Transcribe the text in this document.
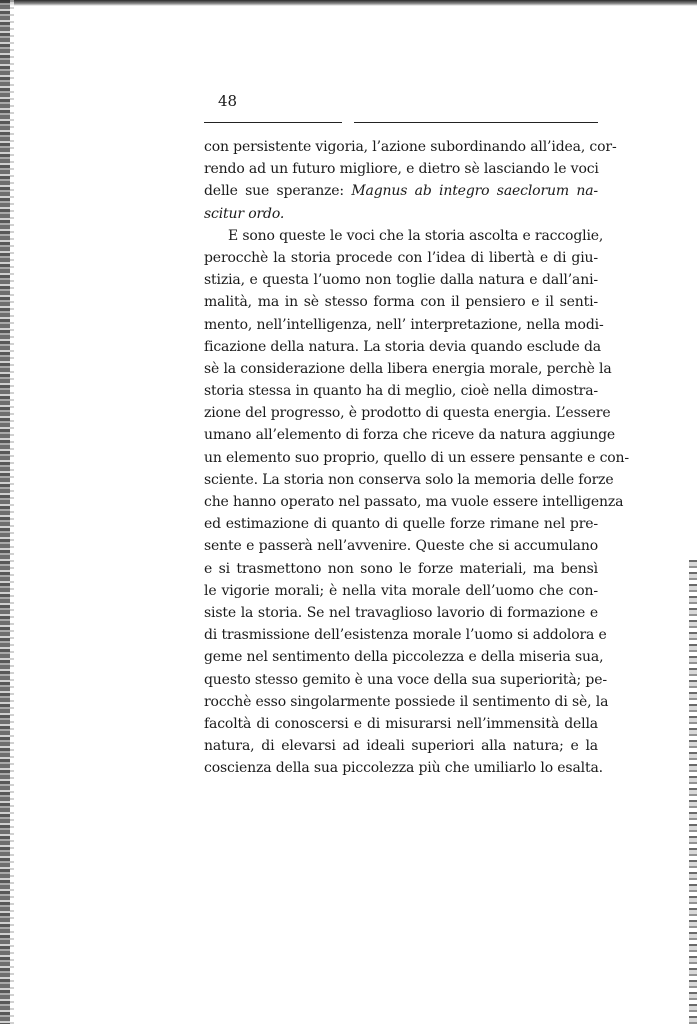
48
con persistente vigoria, l’azione subordinando all’idea, cor-
rendo ad un futuro migliore, e dietro sè lasciando le voci
delle sue speranze: Magnus ab integro saeclorum na-
scitur ordo.
E sono queste le voci che la storia ascolta e raccoglie,
perocchè la storia procede con l’idea di libertà e di giu-
stizia, e questa l’uomo non toglie dalla natura e dall’ani-
malità, ma in sè stesso forma con il pensiero e il senti-
mento, nell’intelligenza, nell’ interpretazione, nella modi-
ficazione della natura. La storia devia quando esclude da
sè la considerazione della libera energia morale, perchè la
storia stessa in quanto ha di meglio, cioè nella dimostra-
zione del progresso, è prodotto di questa energia. L’essere
umano all’elemento di forza che riceve da natura aggiunge
un elemento suo proprio, quello di un essere pensante e con-
sciente. La storia non conserva solo la memoria delle forze
che hanno operato nel passato, ma vuole essere intelligenza
ed estimazione di quanto di quelle forze rimane nel pre-
sente e passerà nell’avvenire. Queste che si accumulano
e si trasmettono non sono le forze materiali, ma bensì
le vigorie morali; è nella vita morale dell’uomo che con-
siste la storia. Se nel travaglioso lavorio di formazione e
di trasmissione dell’esistenza morale l’uomo si addolora e
geme nel sentimento della piccolezza e della miseria sua,
questo stesso gemito è una voce della sua superiorità; pe-
rocchè esso singolarmente possiede il sentimento di sè, la
facoltà di conoscersi e di misurarsi nell’immensità della
natura, di elevarsi ad ideali superiori alla natura; e la
coscienza della sua piccolezza più che umiliarlo lo esalta.
